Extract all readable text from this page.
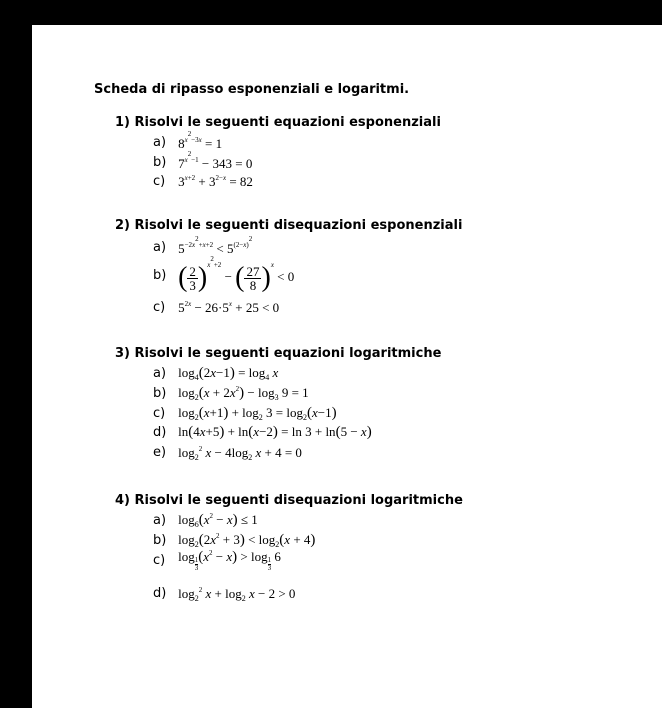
Scheda di ripasso esponenziali e logaritmi.
1) Risolvi le seguenti equazioni esponenziali
a) $8^{x^2-3x} = 1$
b) $7^{x^2-1} - 343 = 0$
c) $3^{x+2} + 3^{2-x} = 82$
2) Risolvi le seguenti disequazioni esponenziali
a) $5^{-2x^2+x+2} < 5^{(2-x)^2}$
b) ( $\frac{2}{3} )^{x^2+2}$ − ( $\frac{27}{8} )^x < 0$
c) $5^{2x} - 26\cdot 5^x + 25 < 0$
3) Risolvi le seguenti equazioni logaritmiche
a) $\log_4(2x-1) = \log_4 x$
b) $\log_2(x + 2x^2) - \log_3 9 = 1$
c) $\log_2(x+1) + \log_2 3 = \log_2(x-1)$
d) ln(4x+5) + ln(x−2) = ln 3 + ln(5 − x)
e) $\log_2^2 x - 4\log_2$ x + 4 = 0
4) Risolvi le seguenti disequazioni logaritmiche
a) $\log_6(x^2 - x) \le 1$
b) $\log_2(2x^2 + 3) < \log_2(x + 4)$
c) log
$\frac{1}{3} (x^2 - x) > \log$
$\frac{1}{3}$
6
d) $\log_2^2 x + \log_2 x - 2 > 0$
